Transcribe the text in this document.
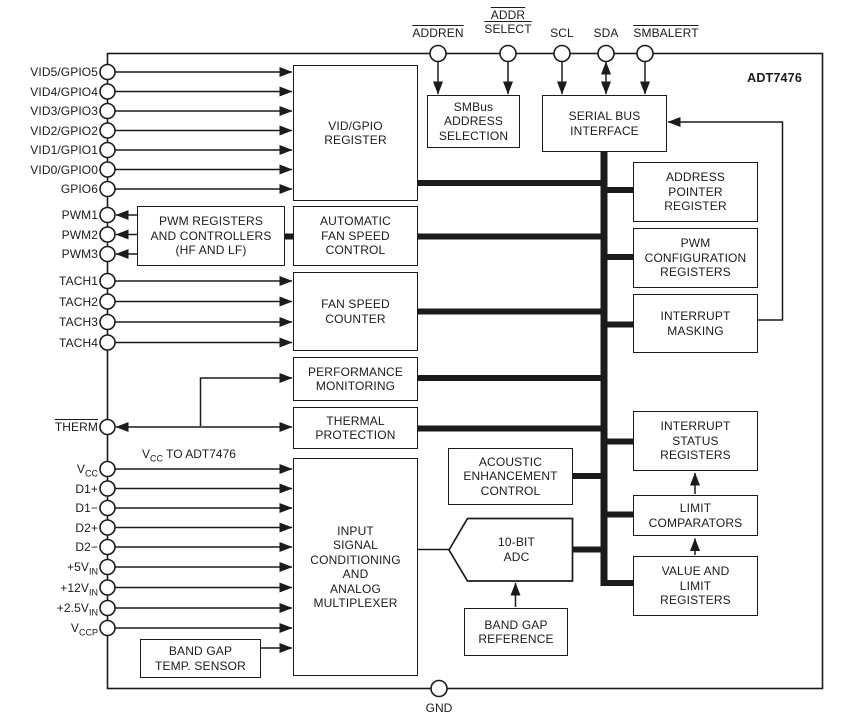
VID/GPIO
REGISTER
SMBus
ADDRESS
SELECTION
SERIAL BUS
INTERFACE
ADDRESS
POINTER
REGISTER
PWM REGISTERS
AND CONTROLLERS
(HF AND LF)
AUTOMATIC
FAN SPEED
CONTROL	PWM
CONFIGURATION
REGISTERS
FAN SPEED
COUNTER	INTERRUPT
MASKING
PERFORMANCE
MONITORING
THERMAL
PROTECTION
INPUT
SIGNAL
CONDITIONING
AND
ANALOG
MULTIPLEXER
ACOUSTIC
ENHANCEMENT
CONTROL
INTERRUPT
STATUS
REGISTERS
LIMIT
COMPARATORS
VALUE AND
LIMIT
REGISTERS
BAND GAP
REFERENCE
BAND GAP
TEMP. SENSOR
10-BIT
ADC
ADDREN
ADDR
SELECT SCL SDA SMBALERT
VID5/GPIO5
VID4/GPIO4
VID3/GPIO3
VID2/GPIO2
VID1/GPIO1
VID0/GPIO0
GPIO6
PWM1
PWM2
PWM3
TACH1
TACH2
TACH3
TACH4
THERM
$V_{CC}$
D1+
D1−
D2+
D2−
$+5V_{IN}$
$+12V_{IN}$
$+2.5V_{IN}$
$V_{CCP}$
ADT7476
$V_{CC}$ TO ADT7476
GND
